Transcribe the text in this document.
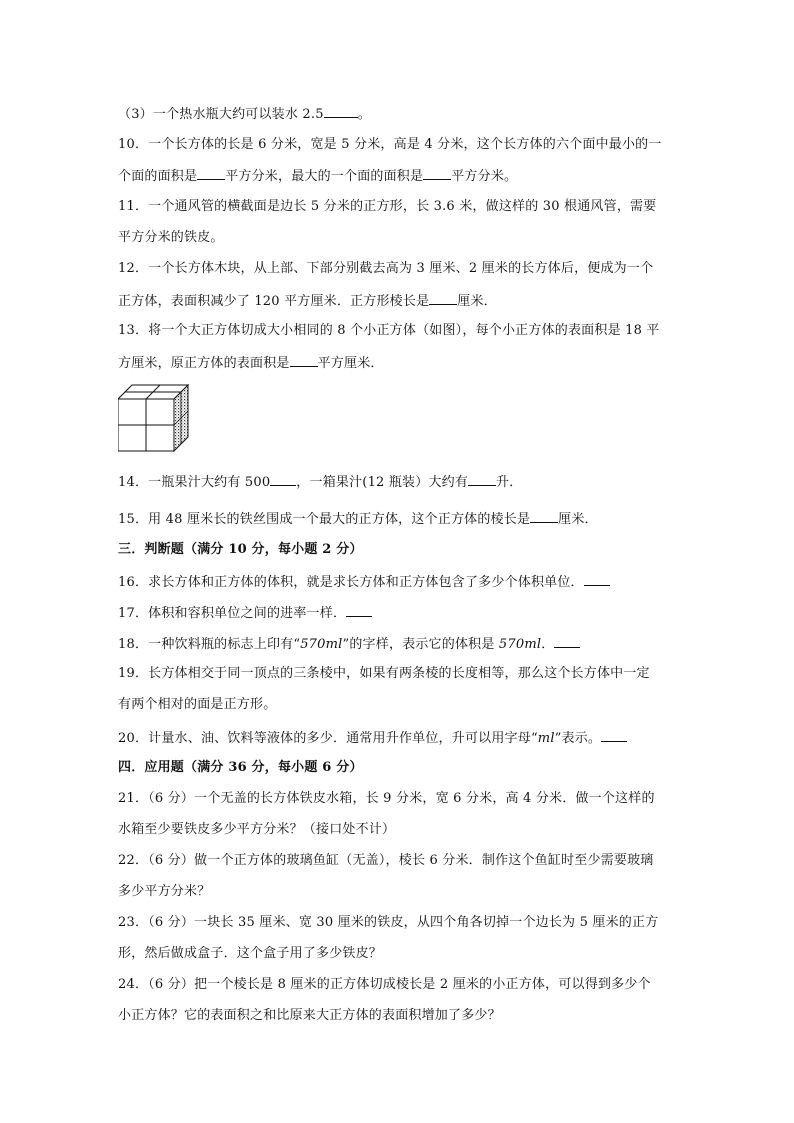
（3）一个热水瓶大约可以装水 2.5	。
10．一个长方体的长是 6 分米，宽是 5 分米，高是 4 分米，这个长方体的六个面中最小的一
个面的面积是 平方分米，最大的一个面的面积是 平方分米。
11．一个通风管的横截面是边长 5 分米的正方形，长 3.6 米，做这样的 30 根通风管，需要
平方分米的铁皮。
12．一个长方体木块，从上部、下部分别截去高为 3 厘米、2 厘米的长方体后，便成为一个
正方体，表面积减少了 120 平方厘米．正方形棱长是 厘米．
13．将一个大正方体切成大小相同的 8 个小正方体（如图），每个小正方体的表面积是 18 平
方厘米，原正方体的表面积是 平方厘米．
14．一瓶果汁大约有 500 ，一箱果汁(12 瓶装）大约有 升．
15．用 48 厘米长的铁丝围成一个最大的正方体，这个正方体的棱长是 厘米．
三．判断题（满分 10 分，每小题 2 分）
16．求长方体和正方体的体积，就是求长方体和正方体包含了多少个体积单位．
17．体积和容积单位之间的进率一样．
18．一种饮料瓶的标志上印有“570ml”的字样，表示它的体积是 570ml．
19．长方体相交于同一顶点的三条棱中，如果有两条棱的长度相等，那么这个长方体中一定
有两个相对的面是正方形。
20．计量水、油、饮料等液体的多少．通常用升作单位，升可以用字母“ml”表示。
四．应用题（满分 36 分，每小题 6 分）
21．（6 分）一个无盖的长方体铁皮水箱，长 9 分米，宽 6 分米，高 4 分米．做一个这样的
水箱至少要铁皮多少平方分米？（接口处不计）
22．（6 分）做一个正方体的玻璃鱼缸（无盖），棱长 6 分米．制作这个鱼缸时至少需要玻璃
多少平方分米？
23．（6 分）一块长 35 厘米、宽 30 厘米的铁皮，从四个角各切掉一个边长为 5 厘米的正方
形，然后做成盒子．这个盒子用了多少铁皮？
24．（6 分）把一个棱长是 8 厘米的正方体切成棱长是 2 厘米的小正方体，可以得到多少个
小正方体？它的表面积之和比原来大正方体的表面积增加了多少？
